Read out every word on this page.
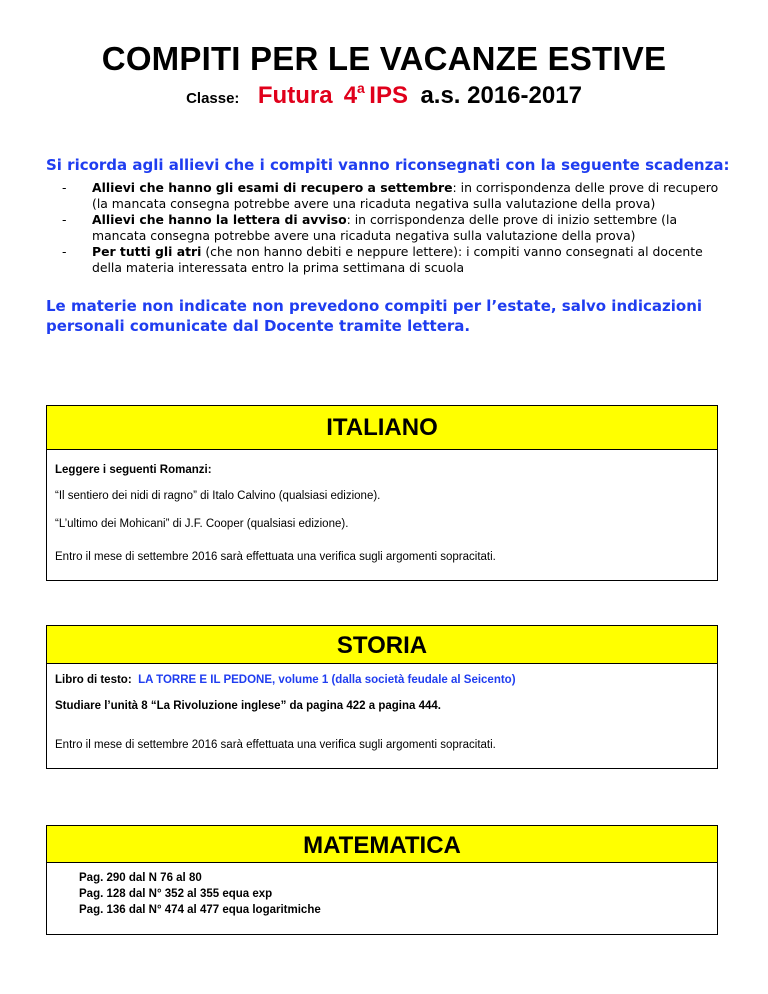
COMPITI PER LE VACANZE ESTIVE
Classe: Futura 4a IPS a.s. 2016-2017
Si ricorda agli allievi che i compiti vanno riconsegnati con la seguente scadenza:
- Allievi che hanno gli esami di recupero a settembre: in corrispondenza delle prove di recupero (la mancata consegna potrebbe avere una ricaduta negativa sulla valutazione della prova)
- Allievi che hanno la lettera di avviso: in corrispondenza delle prove di inizio settembre (la mancata consegna potrebbe avere una ricaduta negativa sulla valutazione della prova)
- Per tutti gli atri (che non hanno debiti e neppure lettere): i compiti vanno consegnati al docente della materia interessata entro la prima settimana di scuola
Le materie non indicate non prevedono compiti per l’estate, salvo indicazioni personali comunicate dal Docente tramite lettera.
ITALIANO

Leggere i seguenti Romanzi:

“Il sentiero dei nidi di ragno” di Italo Calvino (qualsiasi edizione).

“L’ultimo dei Mohicani” di J.F. Cooper (qualsiasi edizione).

Entro il mese di settembre 2016 sarà effettuata una verifica sugli argomenti sopracitati.

STORIA

Libro di testo: LA TORRE E IL PEDONE, volume 1 (dalla società feudale al Seicento)

Studiare l’unità 8 “La Rivoluzione inglese” da pagina 422 a pagina 444.

Entro il mese di settembre 2016 sarà effettuata una verifica sugli argomenti sopracitati.

MATEMATICA

Pag. 290 dal N 76 al 80

Pag. 128 dal N° 352 al 355 equa exp

Pag. 136 dal N° 474 al 477 equa logaritmiche
